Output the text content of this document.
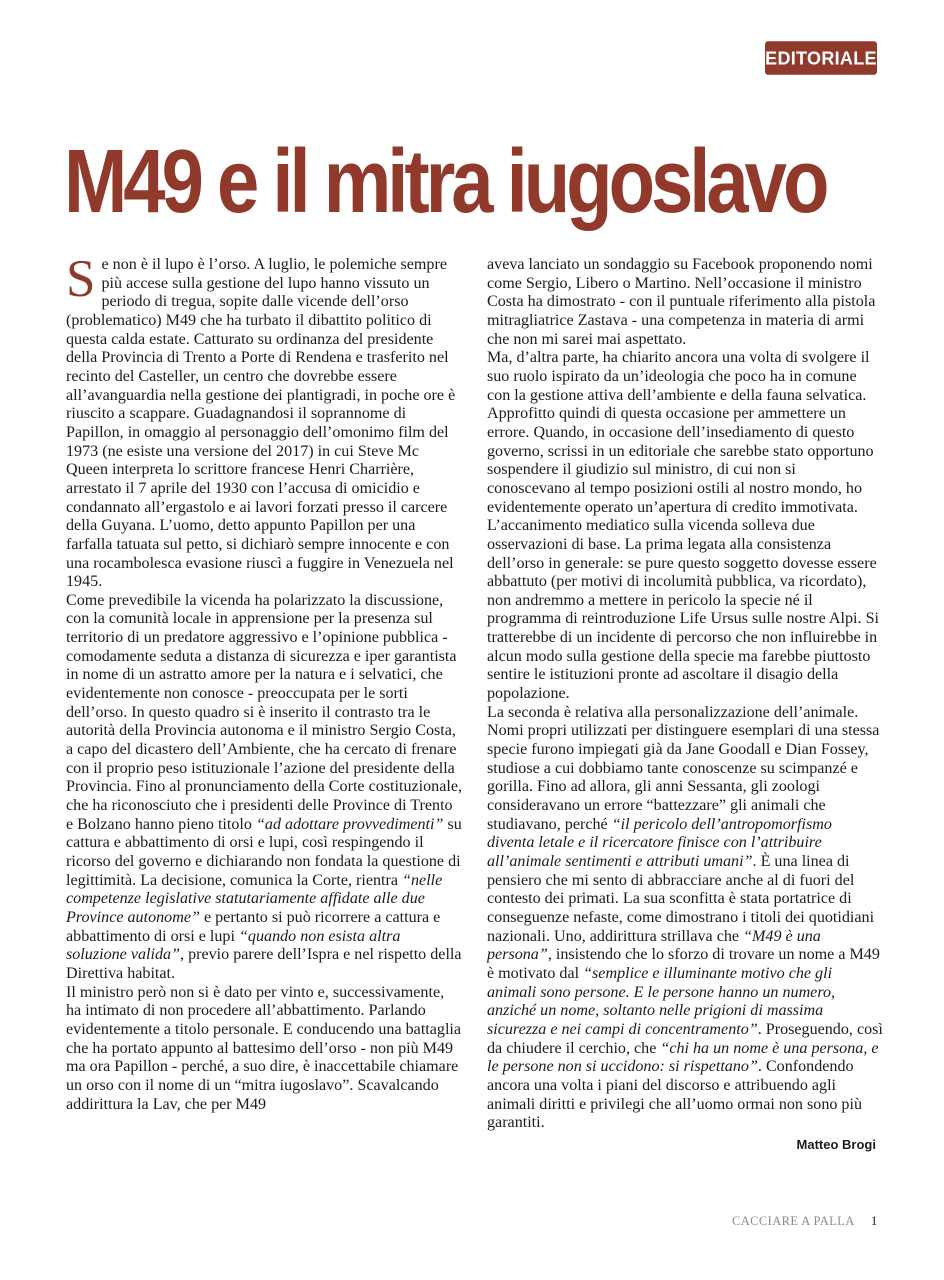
EDITORIALE
M49 e il mitra iugoslavo

Se non è il lupo è l’orso. A luglio, le polemiche sempre più accese sulla gestione del lupo hanno vissuto un periodo di tregua, sopite dalle vicende dell’orso (problematico) M49 che ha turbato il dibattito politico di questa calda estate. Catturato su ordinanza del presidente della Provincia di Trento a Porte di Rendena e trasferito nel recinto del Casteller, un centro che dovrebbe essere all’avanguardia nella gestione dei plantigradi, in poche ore è riuscito a scappare. Guadagnandosi il soprannome di Papillon, in omaggio al personaggio dell’omonimo film del 1973 (ne esiste una versione del 2017) in cui Steve Mc Queen interpreta lo scrittore francese Henri Charrière, arrestato il 7 aprile del 1930 con l’accusa di omicidio e condannato all’ergastolo e ai lavori forzati presso il carcere della Guyana. L’uomo, detto appunto Papillon per una farfalla tatuata sul petto, si dichiarò sempre innocente e con una rocambolesca evasione riuscì a fuggire in Venezuela nel 1945.

Come prevedibile la vicenda ha polarizzato la discussione, con la comunità locale in apprensione per la presenza sul territorio di un predatore aggressivo e l’opinione pubblica - comodamente seduta a distanza di sicurezza e iper garantista in nome di un astratto amore per la natura e i selvatici, che evidentemente non conosce - preoccupata per le sorti dell’orso. In questo quadro si è inserito il contrasto tra le autorità della Provincia autonoma e il ministro Sergio Costa, a capo del dicastero dell’Ambiente, che ha cercato di frenare con il proprio peso istituzionale l’azione del presidente della Provincia. Fino al pronunciamento della Corte costituzionale, che ha riconosciuto che i presidenti delle Province di Trento e Bolzano hanno pieno titolo “ad adottare provvedimenti” su cattura e abbattimento di orsi e lupi, così respingendo il ricorso del governo e dichiarando non fondata la questione di legittimità. La decisione, comunica la Corte, rientra “nelle competenze legislative statutariamente affidate alle due Province autonome” e pertanto si può ricorrere a cattura e abbattimento di orsi e lupi “quando non esista altra soluzione valida”, previo parere dell’Ispra e nel rispetto della Direttiva habitat.

Il ministro però non si è dato per vinto e, successivamente, ha intimato di non procedere all’abbattimento. Parlando evidentemente a titolo personale. E conducendo una battaglia che ha portato appunto al battesimo dell’orso - non più M49 ma ora Papillon - perché, a suo dire, è inaccettabile chiamare un orso con il nome di un “mitra iugoslavo”. Scavalcando addirittura la Lav, che per M49

aveva lanciato un sondaggio su Facebook proponendo nomi come Sergio, Libero o Martino. Nell’occasione il ministro Costa ha dimostrato - con il puntuale riferimento alla pistola mitragliatrice Zastava - una competenza in materia di armi che non mi sarei mai aspettato.

Ma, d’altra parte, ha chiarito ancora una volta di svolgere il suo ruolo ispirato da un’ideologia che poco ha in comune con la gestione attiva dell’ambiente e della fauna selvatica. Approfitto quindi di questa occasione per ammettere un errore. Quando, in occasione dell’insediamento di questo governo, scrissi in un editoriale che sarebbe stato opportuno sospendere il giudizio sul ministro, di cui non si conoscevano al tempo posizioni ostili al nostro mondo, ho evidentemente operato un’apertura di credito immotivata.

L’accanimento mediatico sulla vicenda solleva due osservazioni di base. La prima legata alla consistenza dell’orso in generale: se pure questo soggetto dovesse essere abbattuto (per motivi di incolumità pubblica, va ricordato), non andremmo a mettere in pericolo la specie né il programma di reintroduzione Life Ursus sulle nostre Alpi. Si tratterebbe di un incidente di percorso che non influirebbe in alcun modo sulla gestione della specie ma farebbe piuttosto sentire le istituzioni pronte ad ascoltare il disagio della popolazione.

La seconda è relativa alla personalizzazione dell’animale. Nomi propri utilizzati per distinguere esemplari di una stessa specie furono impiegati già da Jane Goodall e Dian Fossey, studiose a cui dobbiamo tante conoscenze su scimpanzé e gorilla. Fino ad allora, gli anni Sessanta, gli zoologi consideravano un errore “battezzare” gli animali che studiavano, perché “il pericolo dell’antropomorfismo diventa letale e il ricercatore finisce con l’attribuire all’animale sentimenti e attributi umani”. È una linea di pensiero che mi sento di abbracciare anche al di fuori del contesto dei primati. La sua sconfitta è stata portatrice di conseguenze nefaste, come dimostrano i titoli dei quotidiani nazionali. Uno, addirittura strillava che “M49 è una persona”, insistendo che lo sforzo di trovare un nome a M49 è motivato dal “semplice e illuminante motivo che gli animali sono persone. E le persone hanno un numero, anziché un nome, soltanto nelle prigioni di massima sicurezza e nei campi di concentramento”. Proseguendo, così da chiudere il cerchio, che “chi ha un nome è una persona, e le persone non si uccidono: si rispettano”. Confondendo ancora una volta i piani del discorso e attribuendo agli animali diritti e privilegi che all’uomo ormai non sono più garantiti.

Matteo Brogi
CACCIARE A PALLA 1
